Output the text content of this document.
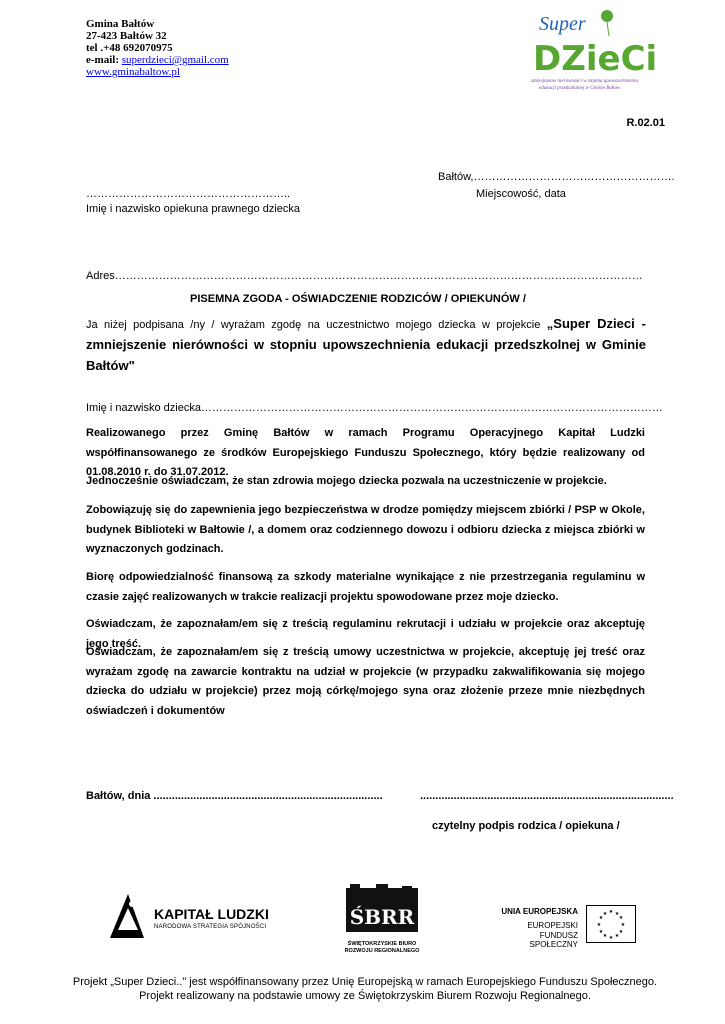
Gmina Bałtów
27-423 Bałtów 32
tel .+48 692070975
e-mail: superdzieci@gmail.com
www.gminabaltow.pl
Super
DZieCi
zmniejszenie nierówności w stopniu upowszechnienia
edukacji przedszkolnej w Gminie Bałtów
R.02.01
Bałtów,……………………………………………….
Miejscowość, data
………………………………………………..
Imię i nazwisko opiekuna prawnego dziecka
Adres………………………………………………………………………………………………………………………………
PISEMNA ZGODA - OŚWIADCZENIE RODZICÓW / OPIEKUNÓW /
Ja niżej podpisana /ny / wyrażam zgodę na uczestnictwo mojego dziecka w projekcie „Super Dzieci - zmniejszenie nierówności w stopniu upowszechnienia edukacji przedszkolnej w Gminie Bałtów"
Imię i nazwisko dziecka………………………………………………………………………………………………………………
Realizowanego przez Gminę Bałtów w ramach Programu Operacyjnego Kapitał Ludzki współfinansowanego ze środków Europejskiego Funduszu Społecznego, który będzie realizowany od 01.08.2010 r. do 31.07.2012.
Jednocześnie oświadczam, że stan zdrowia mojego dziecka pozwala na uczestniczenie w projekcie.
Zobowiązuję się do zapewnienia jego bezpieczeństwa w drodze pomiędzy miejscem zbiórki / PSP w Okole, budynek Biblioteki w Bałtowie /, a domem oraz codziennego dowozu i odbioru dziecka z miejsca zbiórki w wyznaczonych godzinach.
Biorę odpowiedzialność finansową za szkody materialne wynikające z nie przestrzegania regulaminu w czasie zajęć realizowanych w trakcie realizacji projektu spowodowane przez moje dziecko.
Oświadczam, że zapoznałam/em się z treścią regulaminu rekrutacji i udziału w projekcie oraz akceptuję jego treść.
Oświadczam, że zapoznałam/em się z treścią umowy uczestnictwa w projekcie, akceptuję jej treść oraz wyrażam zgodę na zawarcie kontraktu na udział w projekcie (w przypadku zakwalifikowania się mojego dziecka do udziału w projekcie) przez moją córkę/mojego syna oraz złożenie przeze mnie niezbędnych oświadczeń i dokumentów
Bałtów, dnia ...........................................................................	...................................................................................
czytelny podpis rodzica / opiekuna /
KAPITAŁ LUDZKI
NARODOWA STRATEGIA SPÓJNOŚCI	ŚBRR
ŚWIĘTOKRZYSKIE BIURO
ROZWOJU REGIONALNEGO
UNIA EUROPEJSKA
EUROPEJSKI
FUNDUSZ SPOŁECZNY
★ ★
★
★
★
★
★
★
★
★
★
★
Projekt „Super Dzieci.." jest współfinansowany przez Unię Europejską w ramach Europejskiego Funduszu Społecznego. Projekt realizowany na podstawie umowy ze Świętokrzyskim Biurem Rozwoju Regionalnego.
